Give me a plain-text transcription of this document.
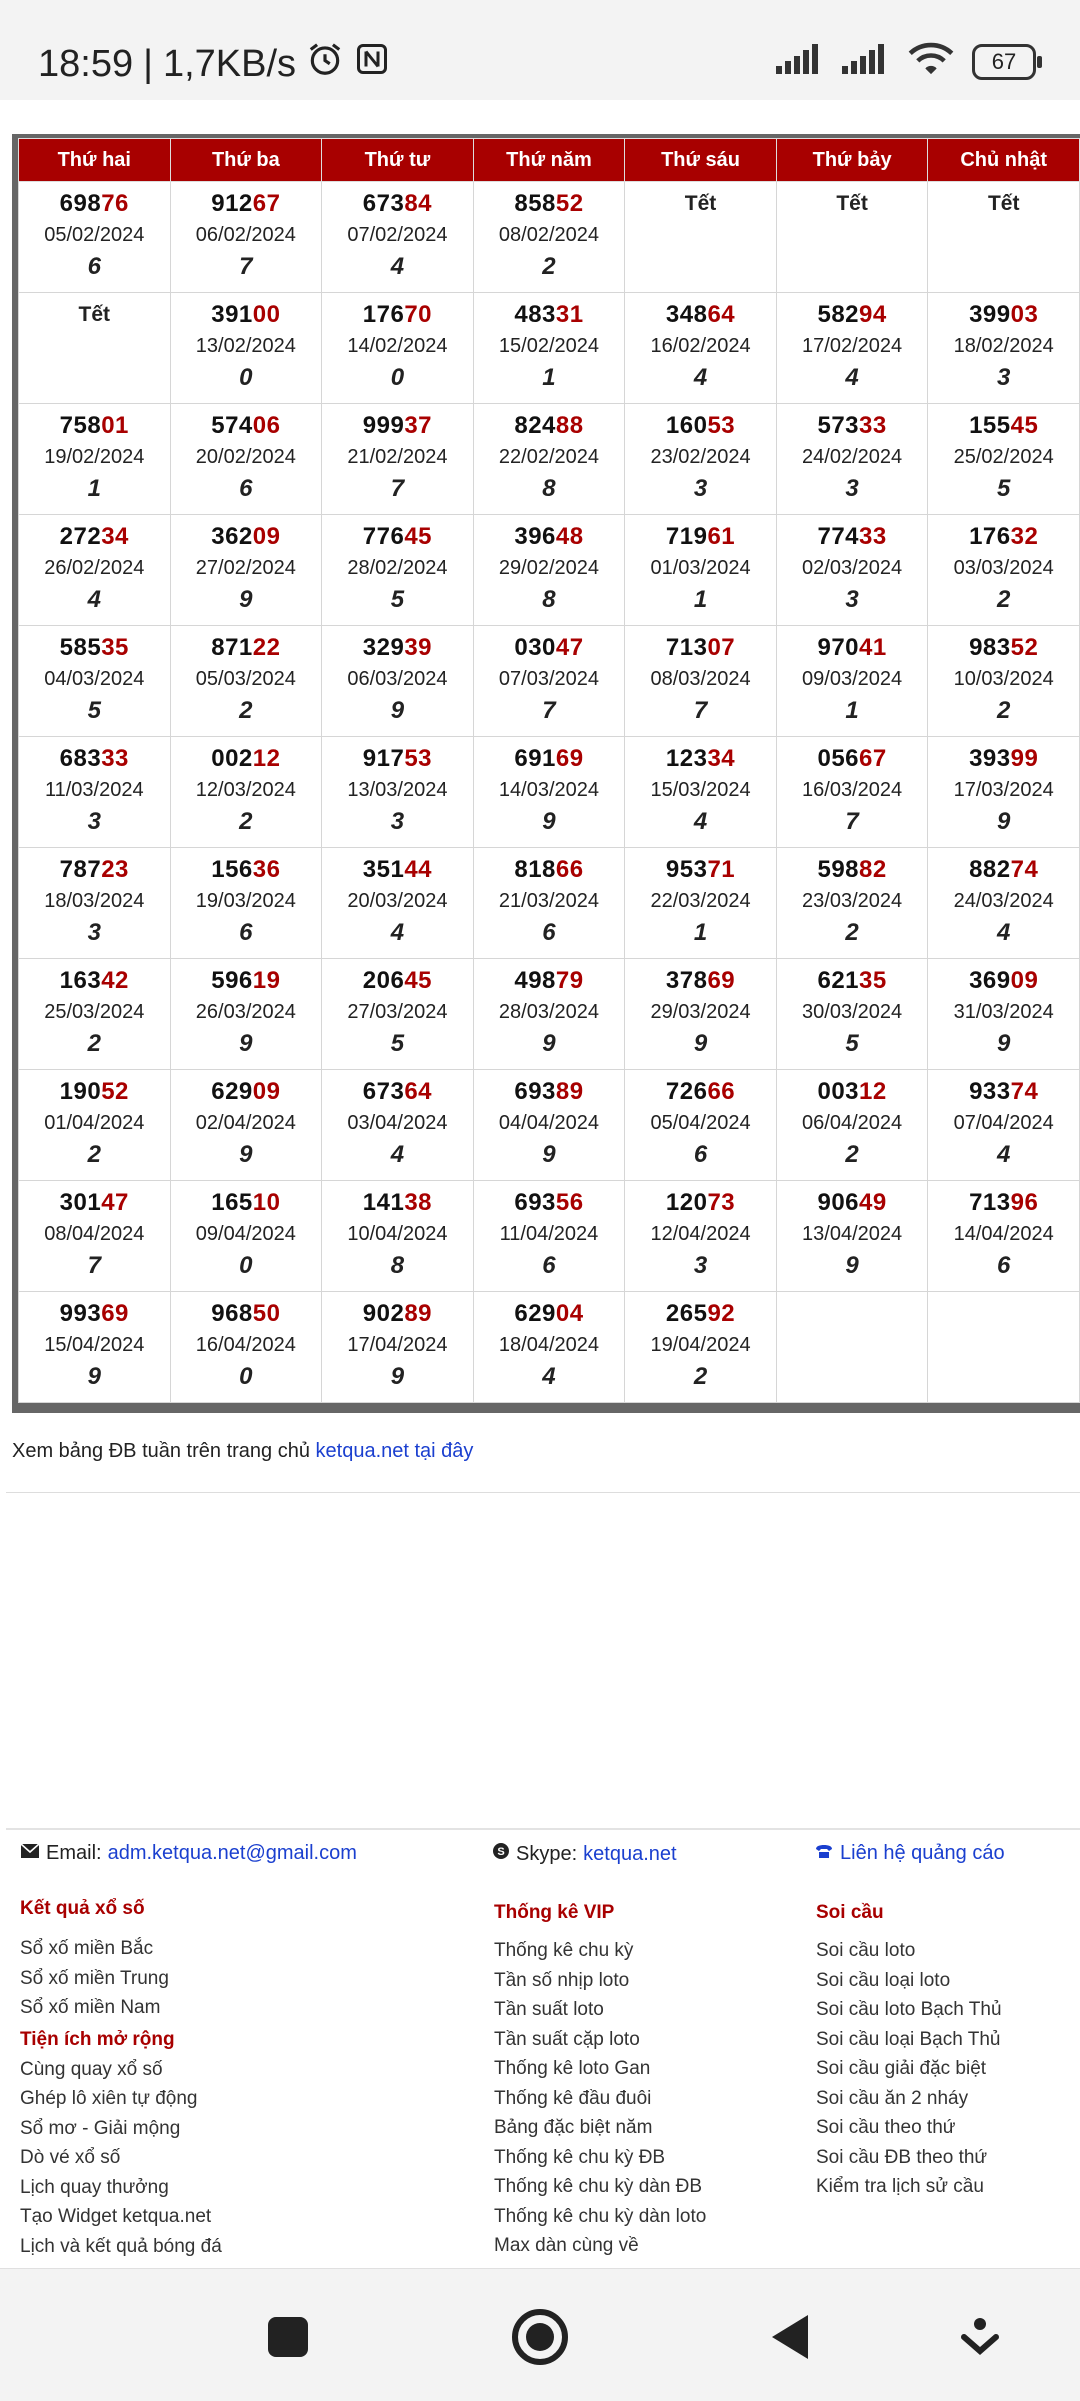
18:59 | 1,7KB/s	67
Thứ hai	Thứ ba	Thứ tư	Thứ năm	Thứ sáu	Thứ bảy	Chủ nhật

69876
05/02/2024
6	91267
06/02/2024
7	67384
07/02/2024
4	85852
08/02/2024
2	Tết	Tết	Tết

Tết	39100
13/02/2024
0	17670
14/02/2024
0	48331
15/02/2024
1	34864
16/02/2024
4	58294
17/02/2024
4	39903
18/02/2024
3

75801
19/02/2024
1	57406
20/02/2024
6	99937
21/02/2024
7	82488
22/02/2024
8	16053
23/02/2024
3	57333
24/02/2024
3	15545
25/02/2024
5

27234
26/02/2024
4	36209
27/02/2024
9	77645
28/02/2024
5	39648
29/02/2024
8	71961
01/03/2024
1	77433
02/03/2024
3	17632
03/03/2024
2

58535
04/03/2024
5	87122
05/03/2024
2	32939
06/03/2024
9	03047
07/03/2024
7	71307
08/03/2024
7	97041
09/03/2024
1	98352
10/03/2024
2

68333
11/03/2024
3	00212
12/03/2024
2	91753
13/03/2024
3	69169
14/03/2024
9	12334
15/03/2024
4	05667
16/03/2024
7	39399
17/03/2024
9

78723
18/03/2024
3	15636
19/03/2024
6	35144
20/03/2024
4	81866
21/03/2024
6	95371
22/03/2024
1	59882
23/03/2024
2	88274
24/03/2024
4

16342
25/03/2024
2	59619
26/03/2024
9	20645
27/03/2024
5	49879
28/03/2024
9	37869
29/03/2024
9	62135
30/03/2024
5	36909
31/03/2024
9

19052
01/04/2024
2	62909
02/04/2024
9	67364
03/04/2024
4	69389
04/04/2024
9	72666
05/04/2024
6	00312
06/04/2024
2	93374
07/04/2024
4

30147
08/04/2024
7	16510
09/04/2024
0	14138
10/04/2024
8	69356
11/04/2024
6	12073
12/04/2024
3	90649
13/04/2024
9	71396
14/04/2024
6

99369
15/04/2024
9	96850
16/04/2024
0	90289
17/04/2024
9	62904
18/04/2024
4	26592
19/04/2024
2		

Xem bảng ĐB tuần trên trang chủ ketqua.net tại đây
Email: adm.ketqua.net@gmail.com	S Skype: ketqua.net	Liên hệ quảng cáo
Kết quả xổ số
Sổ xố miền Bắc
Sổ xố miền Trung
Sổ xố miền Nam
Tiện ích mở rộng
Cùng quay xổ số
Ghép lô xiên tự động
Sổ mơ - Giải mộng
Dò vé xổ số
Lịch quay thưởng
Tạo Widget ketqua.net
Lịch và kết quả bóng đá
Thống kê VIP
Thống kê chu kỳ
Tần số nhịp loto
Tần suất loto
Tần suất cặp loto
Thống kê loto Gan
Thống kê đầu đuôi
Bảng đặc biệt năm
Thống kê chu kỳ ĐB
Thống kê chu kỳ dàn ĐB
Thống kê chu kỳ dàn loto
Max dàn cùng về
Soi cầu
Soi cầu loto
Soi cầu loại loto
Soi cầu loto Bạch Thủ
Soi cầu loại Bạch Thủ
Soi cầu giải đặc biệt
Soi cầu ăn 2 nháy
Soi cầu theo thứ
Soi cầu ĐB theo thứ
Kiểm tra lịch sử cầu
